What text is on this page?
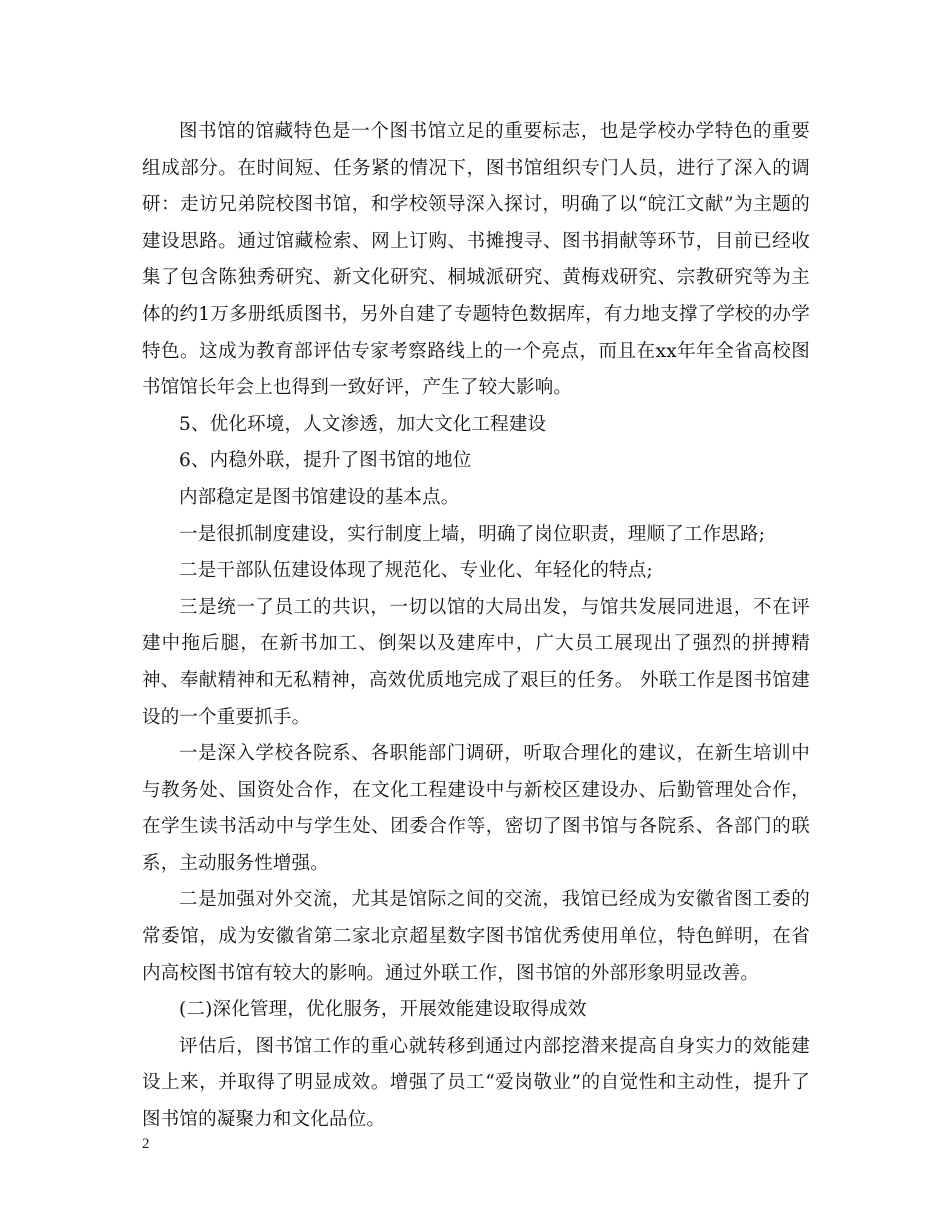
图书馆的馆藏特色是一个图书馆立足的重要标志，也是学校办学特色的重要组成部分。在时间短、任务紧的情况下，图书馆组织专门人员，进行了深入的调研：走访兄弟院校图书馆，和学校领导深入探讨，明确了以“皖江文献”为主题的建设思路。通过馆藏检索、网上订购、书摊搜寻、图书捐献等环节，目前已经收集了包含陈独秀研究、新文化研究、桐城派研究、黄梅戏研究、宗教研究等为主体的约1万多册纸质图书，另外自建了专题特色数据库，有力地支撑了学校的办学特色。这成为教育部评估专家考察路线上的一个亮点，而且在xx年年全省高校图书馆馆长年会上也得到一致好评，产生了较大影响。

5、优化环境，人文渗透，加大文化工程建设

6、内稳外联，提升了图书馆的地位

内部稳定是图书馆建设的基本点。

一是很抓制度建设，实行制度上墙，明确了岗位职责，理顺了工作思路;

二是干部队伍建设体现了规范化、专业化、年轻化的特点;

三是统一了员工的共识，一切以馆的大局出发，与馆共发展同进退，不在评建中拖后腿，在新书加工、倒架以及建库中，广大员工展现出了强烈的拼搏精神、奉献精神和无私精神，高效优质地完成了艰巨的任务。 外联工作是图书馆建设的一个重要抓手。

一是深入学校各院系、各职能部门调研，听取合理化的建议，在新生培训中与教务处、国资处合作，在文化工程建设中与新校区建设办、后勤管理处合作，在学生读书活动中与学生处、团委合作等，密切了图书馆与各院系、各部门的联系，主动服务性增强。

二是加强对外交流，尤其是馆际之间的交流，我馆已经成为安徽省图工委的常委馆，成为安徽省第二家北京超星数字图书馆优秀使用单位，特色鲜明，在省内高校图书馆有较大的影响。通过外联工作，图书馆的外部形象明显改善。

(二)深化管理，优化服务，开展效能建设取得成效

评估后，图书馆工作的重心就转移到通过内部挖潜来提高自身实力的效能建设上来，并取得了明显成效。增强了员工“爱岗敬业”的自觉性和主动性，提升了图书馆的凝聚力和文化品位。

2
